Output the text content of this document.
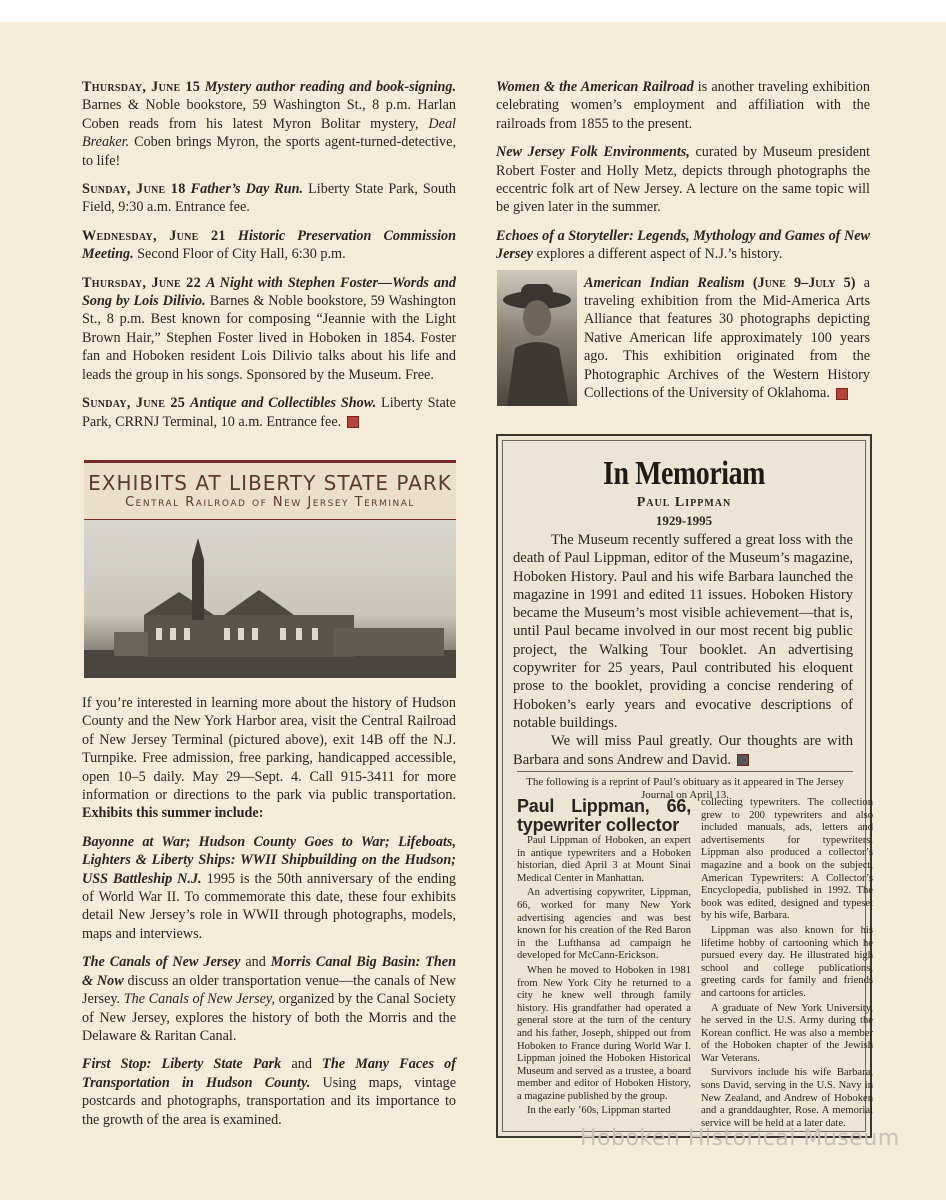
Thursday, June 15 Mystery author reading and book-signing. Barnes & Noble bookstore, 59 Washington St., 8 p.m. Harlan Coben reads from his latest Myron Bolitar mystery, Deal Breaker. Coben brings Myron, the sports agent-turned-detective, to life!

Sunday, June 18 Father’s Day Run. Liberty State Park, South Field, 9:30 a.m. Entrance fee.

Wednesday, June 21 Historic Preservation Commission Meeting. Second Floor of City Hall, 6:30 p.m.

Thursday, June 22 A Night with Stephen Foster—Words and Song by Lois Dilivio. Barnes & Noble bookstore, 59 Washington St., 8 p.m. Best known for composing “Jeannie with the Light Brown Hair,” Stephen Foster lived in Hoboken in 1854. Foster fan and Hoboken resident Lois Dilivio talks about his life and leads the group in his songs. Sponsored by the Museum. Free.

Sunday, June 25 Antique and Collectibles Show. Liberty State Park, CRRNJ Terminal, 10 a.m. Entrance fee.

EXHIBITS AT LIBERTY STATE PARK
Central Railroad of New Jersey Terminal

If you’re interested in learning more about the history of Hudson County and the New York Harbor area, visit the Central Railroad of New Jersey Terminal (pictured above), exit 14B off the N.J. Turnpike. Free admission, free parking, handicapped accessible, open 10–5 daily. May 29—Sept. 4. Call 915-3411 for more information or directions to the park via public transportation. Exhibits this summer include:

Bayonne at War; Hudson County Goes to War; Lifeboats, Lighters & Liberty Ships: WWII Shipbuilding on the Hudson; USS Battleship N.J. 1995 is the 50th anniversary of the ending of World War II. To commemorate this date, these four exhibits detail New Jersey’s role in WWII through photographs, models, maps and interviews.

The Canals of New Jersey and Morris Canal Big Basin: Then & Now discuss an older transportation venue—the canals of New Jersey. The Canals of New Jersey, organized by the Canal Society of New Jersey, explores the history of both the Morris and the Delaware & Raritan Canal.

First Stop: Liberty State Park and The Many Faces of Transportation in Hudson County. Using maps, vintage postcards and photographs, transportation and its importance to the growth of the area is examined.

Women & the American Railroad is another traveling exhibition celebrating women’s employment and affiliation with the railroads from 1855 to the present.

New Jersey Folk Environments, curated by Museum president Robert Foster and Holly Metz, depicts through photographs the eccentric folk art of New Jersey. A lecture on the same topic will be given later in the summer.

Echoes of a Storyteller: Legends, Mythology and Games of New Jersey explores a different aspect of N.J.’s history.

American Indian Realism (June 9–July 5) a traveling exhibition from the Mid-America Arts Alliance that features 30 photographs depicting Native American life approximately 100 years ago. This exhibition originated from the Photographic Archives of the Western History Collections of the University of Oklahoma.

In Memoriam
Paul Lippman
1929-1995

The Museum recently suffered a great loss with the death of Paul Lippman, editor of the Museum’s magazine, Hoboken History. Paul and his wife Barbara launched the magazine in 1991 and edited 11 issues. Hoboken History became the Museum’s most visible achievement—that is, until Paul became involved in our most recent big public project, the Walking Tour booklet. An advertising copywriter for 25 years, Paul contributed his eloquent prose to the booklet, providing a concise rendering of Hoboken’s early years and evocative descriptions of notable buildings.

We will miss Paul greatly. Our thoughts are with Barbara and sons Andrew and David.

The following is a reprint of Paul’s obituary as it appeared in The Jersey Journal on April 13.
Paul Lippman, 66, typewriter collector

Paul Lippman of Hoboken, an expert in antique typewriters and a Hoboken historian, died April 3 at Mount Sinai Medical Center in Manhattan.

An advertising copywriter, Lippman, 66, worked for many New York advertising agencies and was best known for his creation of the Red Baron in the Lufthansa ad campaign he developed for McCann-Erickson.

When he moved to Hoboken in 1981 from New York City he returned to a city he knew well through family history. His grandfather had operated a general store at the turn of the century and his father, Joseph, shipped out from Hoboken to France during World War I. Lippman joined the Hoboken Historical Museum and served as a trustee, a board member and editor of Hoboken History, a magazine published by the group.

In the early ’60s, Lippman started

collecting typewriters. The collection grew to 200 typewriters and also included manuals, ads, letters and advertisements for typewriters. Lippman also produced a collector’s magazine and a book on the subject, American Typewriters: A Collector’s Encyclopedia, published in 1992. The book was edited, designed and typeset by his wife, Barbara.

Lippman was also known for his lifetime hobby of cartooning which he pursued every day. He illustrated high school and college publications, greeting cards for family and friends and cartoons for articles.

A graduate of New York University, he served in the U.S. Army during the Korean conflict. He was also a member of the Hoboken chapter of the Jewish War Veterans.

Survivors include his wife Barbara, sons David, serving in the U.S. Navy in New Zealand, and Andrew of Hoboken and a granddaughter, Rose. A memorial service will be held at a later date.

Hoboken Historical Museum
